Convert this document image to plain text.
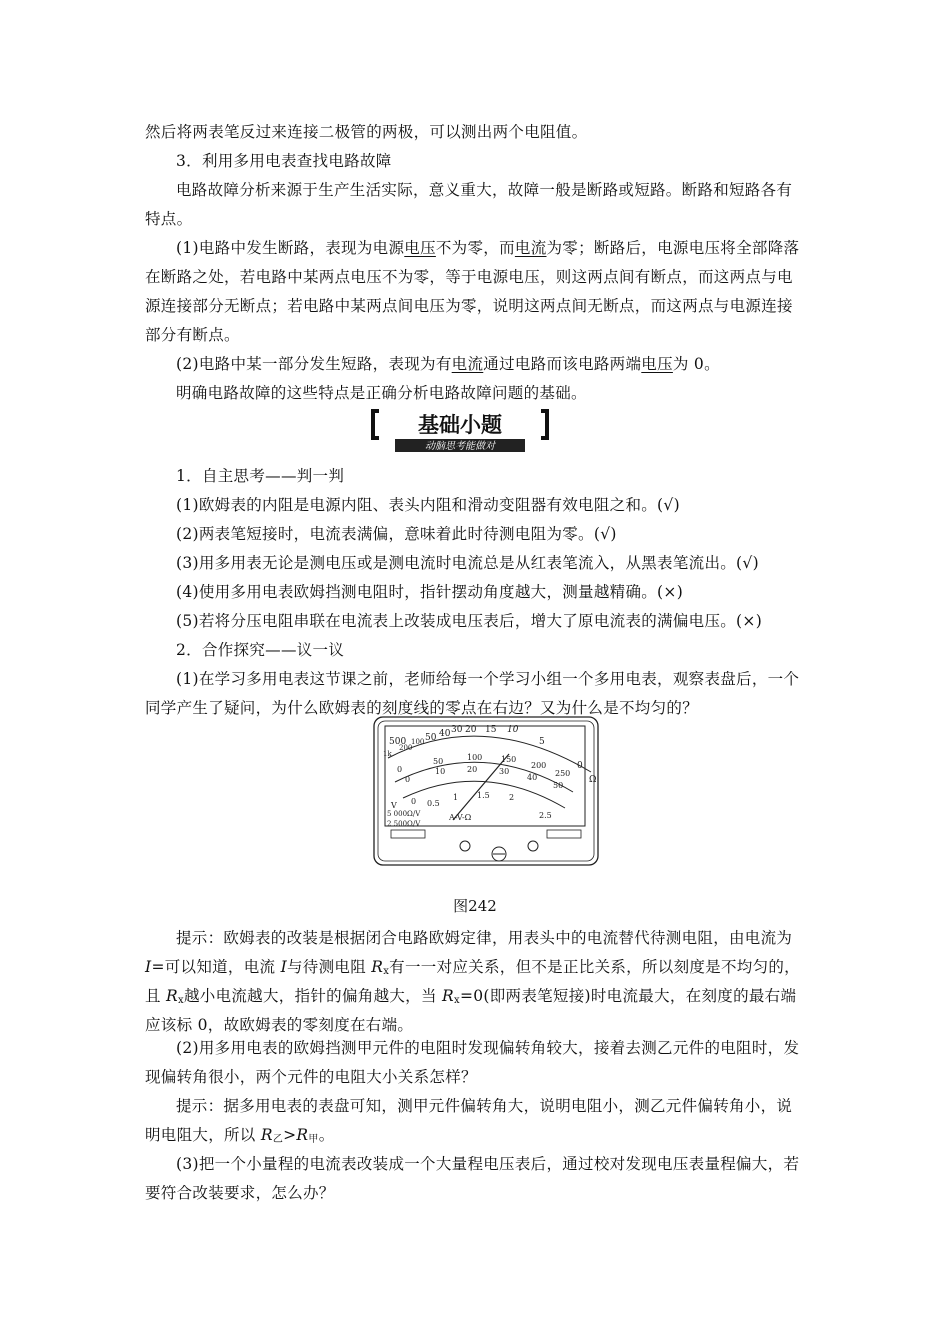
然后将两表笔反过来连接二极管的两极，可以测出两个电阻值。

3．利用多用电表查找电路故障

电路故障分析来源于生产生活实际，意义重大，故障一般是断路或短路。断路和短路各有特点。

(1)电路中发生断路，表现为电源电压不为零，而电流为零；断路后，电源电压将全部降落在断路之处，若电路中某两点电压不为零，等于电源电压，则这两点间有断点，而这两点与电源连接部分无断点；若电路中某两点间电压为零，说明这两点间无断点，而这两点与电源连接部分有断点。

(2)电路中某一部分发生短路，表现为有电流通过电路而该电路两端电压为 0。

明确电路故障的这些特点是正确分析电路故障问题的基础。

基础小题
动脑思考能做对

1．自主思考——判一判

(1)欧姆表的内阻是电源内阻、表头内阻和滑动变阻器有效电阻之和。(√)

(2)两表笔短接时，电流表满偏，意味着此时待测电阻为零。(√)

(3)用多用表无论是测电压或是测电流时电流总是从红表笔流入，从黑表笔流出。(√)

(4)使用多用电表欧姆挡测电阻时，指针摆动角度越大，测量越精确。(×)

(5)若将分压电阻串联在电流表上改装成电压表后，增大了原电流表的满偏电压。(×)

2．合作探究——议一议

(1)在学习多用电表这节课之前，老师给每一个学习小组一个多用电表，观察表盘后，一个同学产生了疑问，为什么欧姆表的刻度线的零点在右边？又为什么是不均匀的？

500
1k
200
100 50 40 30 20 15 10
5
0
Ω
0
50	100 150
200
250
0
10	20	30
40
50
0 0.5
1 1.5 2
2.5
V
5 000Ω/V
2 500Ω/V
A-V-Ω
图242

提示：欧姆表的改装是根据闭合电路欧姆定律，用表头中的电流替代待测电阻，由电流为 I=可以知道，电流 I与待测电阻 $R_x$有一一对应关系，但不是正比关系，所以刻度是不均匀的，且 $R_x$越小电流越大，指针的偏角越大，当 $R_x=0$(即两表笔短接)时电流最大，在刻度的最右端应该标 0，故欧姆表的零刻度在右端。

(2)用多用电表的欧姆挡测甲元件的电阻时发现偏转角较大，接着去测乙元件的电阻时，发现偏转角很小，两个元件的电阻大小关系怎样？

提示：据多用电表的表盘可知，测甲元件偏转角大，说明电阻小，测乙元件偏转角小，说明电阻大，所以 $R_乙>R_甲$。

(3)把一个小量程的电流表改装成一个大量程电压表后，通过校对发现电压表量程偏大，若要符合改装要求，怎么办？
